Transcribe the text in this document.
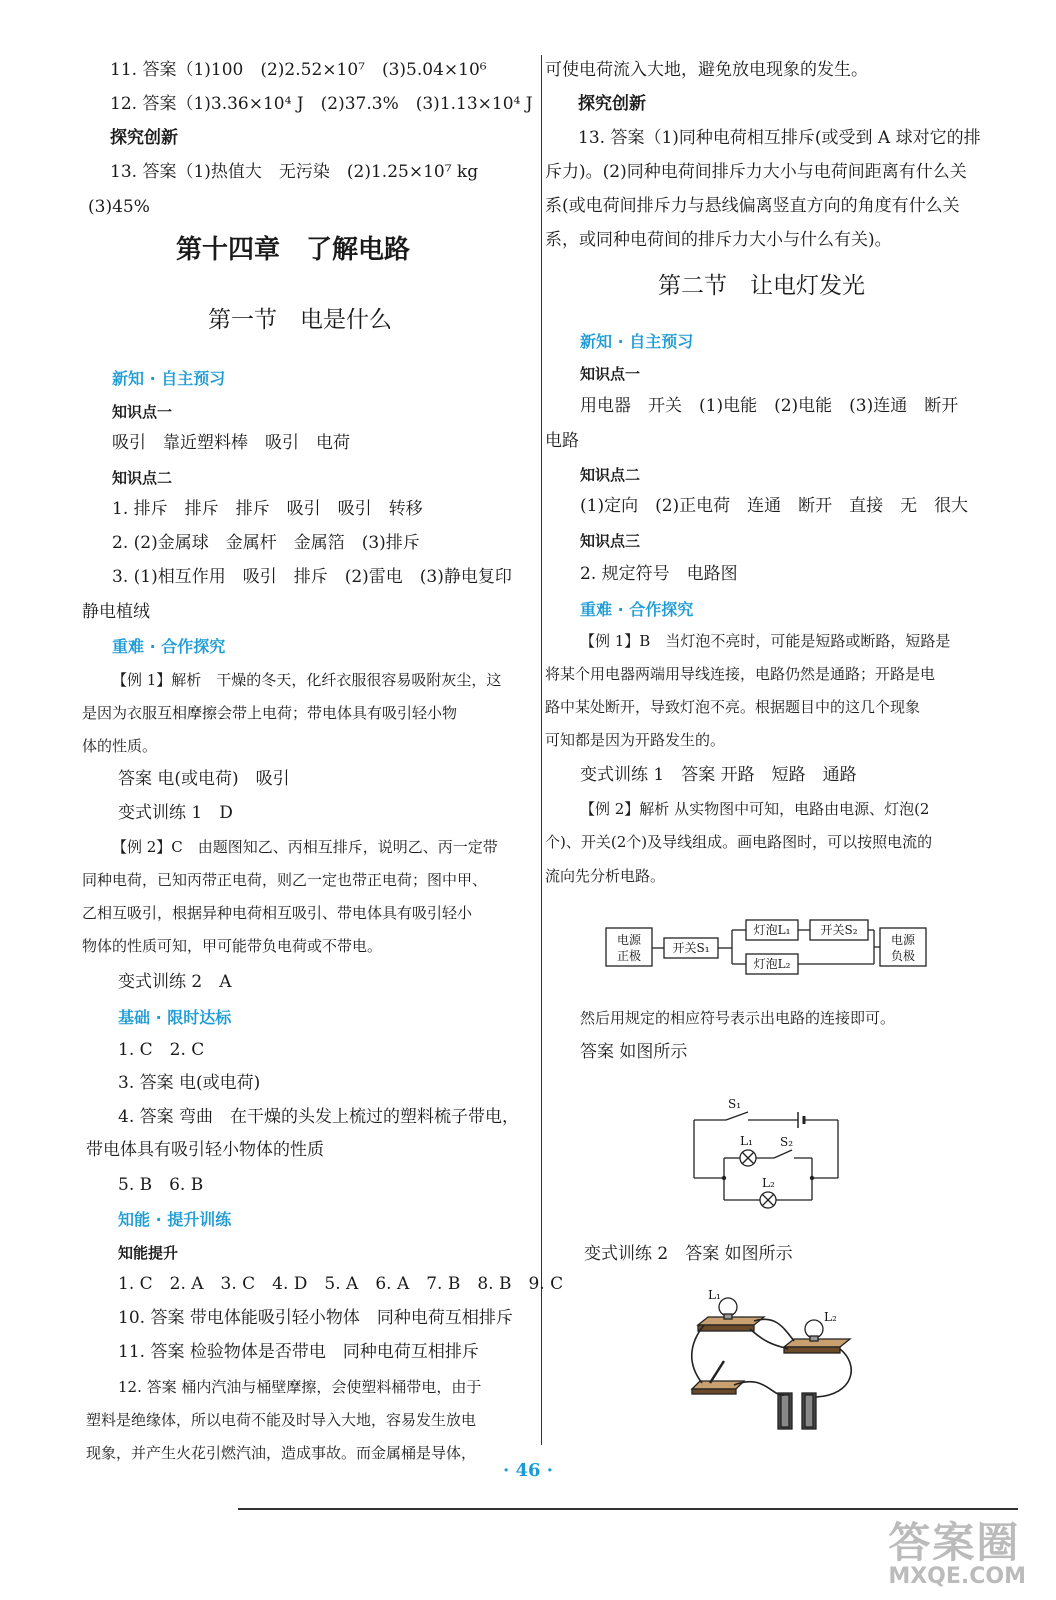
11. 答案（1)100　(2)2.52×10⁷　(3)5.04×10⁶
12. 答案（1)3.36×10⁴ J　(2)37.3%　(3)1.13×10⁴ J
探究创新
13. 答案（1)热值大　无污染　(2)1.25×10⁷ kg
(3)45%
第十四章　了解电路
第一节　电是什么
新知 · 自主预习
知识点一
吸引　靠近塑料棒　吸引　电荷
知识点二
1. 排斥　排斥　排斥　吸引　吸引　转移
2. (2)金属球　金属杆　金属箔　(3)排斥
3. (1)相互作用　吸引　排斥　(2)雷电　(3)静电复印
静电植绒
重难 · 合作探究
【例 1】解析　干燥的冬天，化纤衣服很容易吸附灰尘，这
是因为衣服互相摩擦会带上电荷；带电体具有吸引轻小物
体的性质。
答案 电(或电荷)　吸引
变式训练 1　D
【例 2】C　由题图知乙、丙相互排斥，说明乙、丙一定带
同种电荷，已知丙带正电荷，则乙一定也带正电荷；图中甲、
乙相互吸引，根据异种电荷相互吸引、带电体具有吸引轻小
物体的性质可知，甲可能带负电荷或不带电。
变式训练 2　A
基础 · 限时达标
1. C　2. C
3. 答案 电(或电荷)
4. 答案 弯曲　在干燥的头发上梳过的塑料梳子带电，
带电体具有吸引轻小物体的性质
5. B　6. B
知能 · 提升训练
知能提升
1. C　2. A　3. C　4. D　5. A　6. A　7. B　8. B　9. C
10. 答案 带电体能吸引轻小物体　同种电荷互相排斥
11. 答案 检验物体是否带电　同种电荷互相排斥
12. 答案 桶内汽油与桶壁摩擦，会使塑料桶带电，由于
塑料是绝缘体，所以电荷不能及时导入大地，容易发生放电
现象，并产生火花引燃汽油，造成事故。而金属桶是导体，
可使电荷流入大地，避免放电现象的发生。
探究创新
13. 答案（1)同种电荷相互排斥(或受到 A 球对它的排
斥力)。(2)同种电荷间排斥力大小与电荷间距离有什么关
系(或电荷间排斥力与悬线偏离竖直方向的角度有什么关
系，或同种电荷间的排斥力大小与什么有关)。
第二节　让电灯发光
新知 · 自主预习
知识点一
用电器　开关　(1)电能　(2)电能　(3)连通　断开
电路
知识点二
(1)定向　(2)正电荷　连通　断开　直接　无　很大
知识点三
2. 规定符号　电路图
重难 · 合作探究
【例 1】B　当灯泡不亮时，可能是短路或断路，短路是
将某个用电器两端用导线连接，电路仍然是通路；开路是电
路中某处断开，导致灯泡不亮。根据题目中的这几个现象
可知都是因为开路发生的。
变式训练 1　答案 开路　短路　通路
【例 2】解析 从实物图中可知，电路由电源、灯泡(2
个)、开关(2个)及导线组成。画电路图时，可以按照电流的
流向先分析电路。
电源
正极
开关S₁
灯泡L₁	开关S₂
灯泡L₂
电源
负极
然后用规定的相应符号表示出电路的连接即可。
答案 如图所示
S₁
L₁ S₂
L₂
变式训练 2　答案 如图所示
L₁
L₂
· 46 ·
答案圈
MXQE.COM
